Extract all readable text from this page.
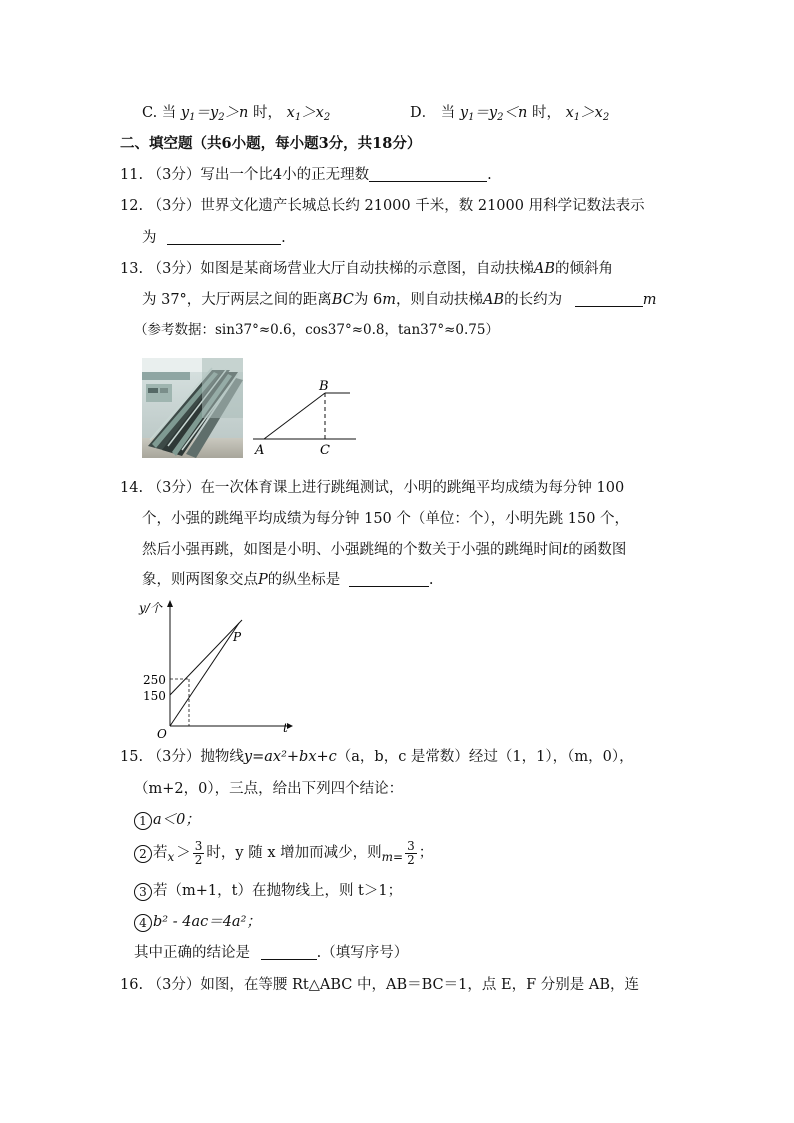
C. 当 $y_1=y_2>n$ 时， $x_1>x_2$	D． 当 $y_1=y_2<n$ 时， $x_1>x_2$
二、填空题（共6小题，每小题3分，共18分）
11. （3分）写出一个比4小的正无理数	.
12. （3分）世界文化遗产长城总长约 21000 千米，数 21000 用科学记数法表示
为	.
13. （3分）如图是某商场营业大厅自动扶梯的示意图，自动扶梯AB的倾斜角
为 37°，大厅两层之间的距离BC为 6m，则自动扶梯AB的长约为	m
（参考数据：sin37°≈0.6，cos37°≈0.8，tan37°≈0.75）
A
B
C
14. （3分）在一次体育课上进行跳绳测试，小明的跳绳平均成绩为每分钟 100
个，小强的跳绳平均成绩为每分钟 150 个（单位：个），小明先跳 150 个，
然后小强再跳，如图是小明、小强跳绳的个数关于小强的跳绳时间t的函数图
象，则两图象交点P的纵坐标是	.
y/个
t
O
P
250
150
15. （3分）抛物线y=ax²+bx+c（a，b，c 是常数）经过（1，1），（m，0），
（m+2，0），三点，给出下列四个结论：
1 a＜0；
2 若$_x > \frac{3}{2}$ 时，y 随 x 增加而减少，则$_{m=} \frac{3}{2}$ ；
3 若（m+1，t）在抛物线上，则 t＞1；
4 b² - 4ac＝4a²；
其中正确的结论是	.（填写序号）
16. （3分）如图，在等腰 Rt△ABC 中，AB＝BC＝1，点 E，F 分别是 AB，连
